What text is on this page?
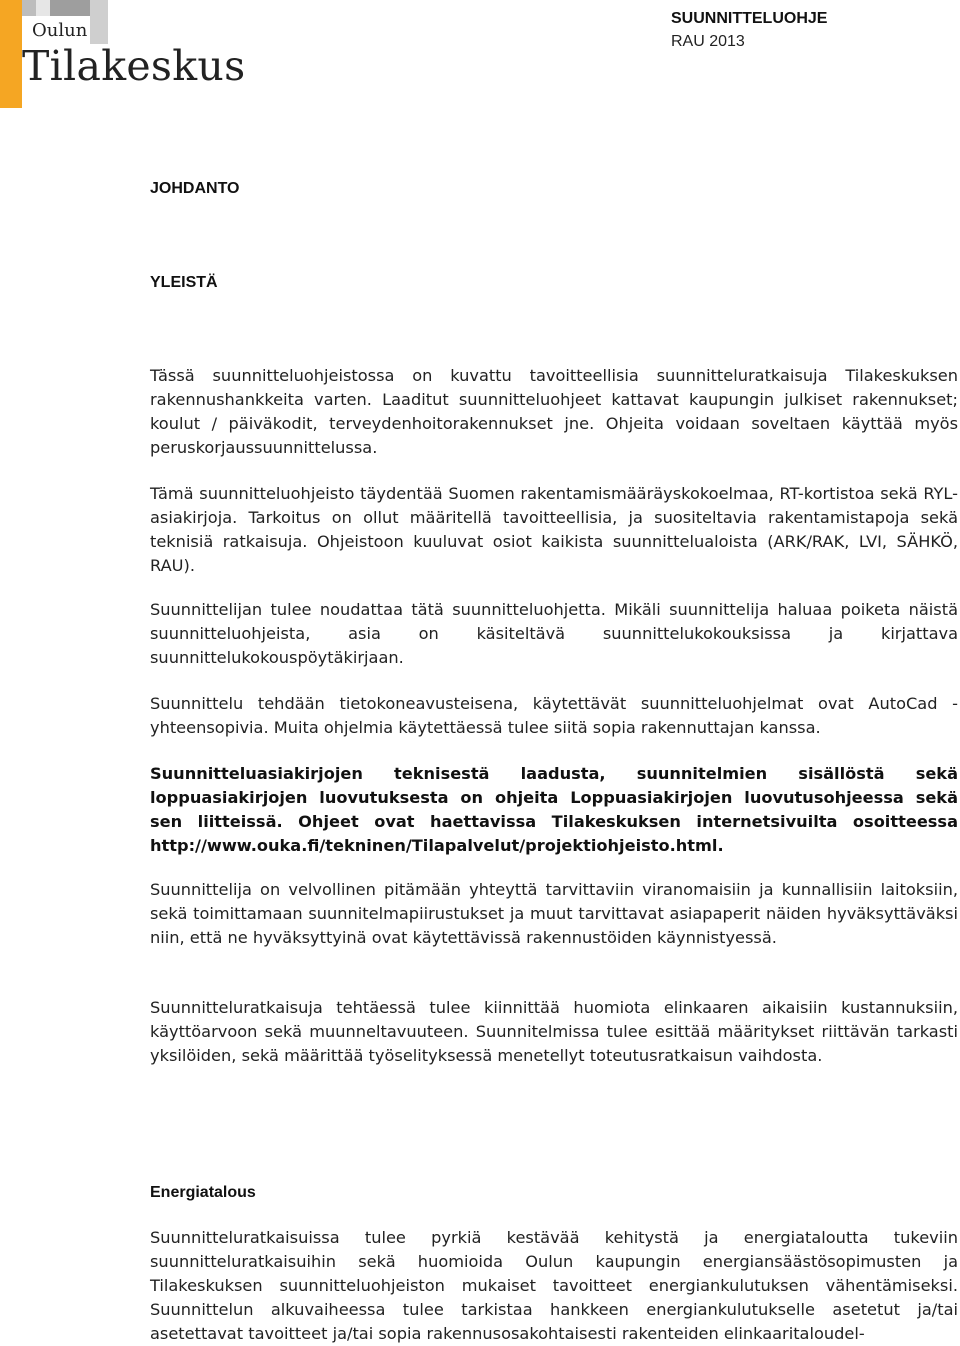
Oulun
Tilakeskus
SUUNNITTELUOHJE
RAU 2013
JOHDANTO
YLEISTÄ

Tässä suunnitteluohjeistossa on kuvattu tavoitteellisia suunnitteluratkaisuja Tilakeskuksen rakennushankkeita varten. Laaditut suunnitteluohjeet kattavat kaupungin julkiset rakennukset; koulut / päiväkodit, terveydenhoitorakennukset jne. Ohjeita voidaan soveltaen käyttää myös peruskorjaussuunnittelussa.

Tämä suunnitteluohjeisto täydentää Suomen rakentamismääräyskokoelmaa, RT-kortistoa sekä RYL-asiakirjoja. Tarkoitus on ollut määritellä tavoitteellisia, ja suositeltavia rakentamistapoja sekä teknisiä ratkaisuja. Ohjeistoon kuuluvat osiot kaikista suunnittelualoista (ARK/RAK, LVI, SÄHKÖ, RAU).

Suunnittelijan tulee noudattaa tätä suunnitteluohjetta. Mikäli suunnittelija haluaa poiketa näistä suunnitteluohjeista, asia on käsiteltävä suunnittelukokouksissa ja kirjattava suunnittelukokouspöytäkirjaan.

Suunnittelu tehdään tietokoneavusteisena, käytettävät suunnitteluohjelmat ovat AutoCad -yhteensopivia. Muita ohjelmia käytettäessä tulee siitä sopia rakennuttajan kanssa.

Suunnitteluasiakirjojen teknisestä laadusta, suunnitelmien sisällöstä sekä loppuasiakirjojen luovutuksesta on ohjeita Loppuasiakirjojen luovutusohjeessa sekä sen liitteissä. Ohjeet ovat haettavissa Tilakeskuksen internetsivuilta osoitteessa http://www.ouka.fi/tekninen/Tilapalvelut/projektiohjeisto.html.

Suunnittelija on velvollinen pitämään yhteyttä tarvittaviin viranomaisiin ja kunnallisiin laitoksiin, sekä toimittamaan suunnitelmapiirustukset ja muut tarvittavat asiapaperit näiden hyväksyttäväksi niin, että ne hyväksyttyinä ovat käytettävissä rakennustöiden käynnistyessä.

Suunnitteluratkaisuja tehtäessä tulee kiinnittää huomiota elinkaaren aikaisiin kustannuksiin, käyttöarvoon sekä muunneltavuuteen. Suunnitelmissa tulee esittää määritykset riittävän tarkasti yksilöiden, sekä määrittää työselityksessä menetellyt toteutusratkaisun vaihdosta.

Energiatalous

Suunnitteluratkaisuissa tulee pyrkiä kestävää kehitystä ja energiataloutta tukeviin suunnitteluratkaisuihin sekä huomioida Oulun kaupungin energiansäästösopimusten ja Tilakeskuksen suunnitteluohjeiston mukaiset tavoitteet energiankulutuksen vähentämiseksi. Suunnittelun alkuvaiheessa tulee tarkistaa hankkeen energiankulutukselle asetetut ja/tai asetettavat tavoitteet ja/tai sopia rakennusosakohtaisesti rakenteiden elinkaaritaloudel-
